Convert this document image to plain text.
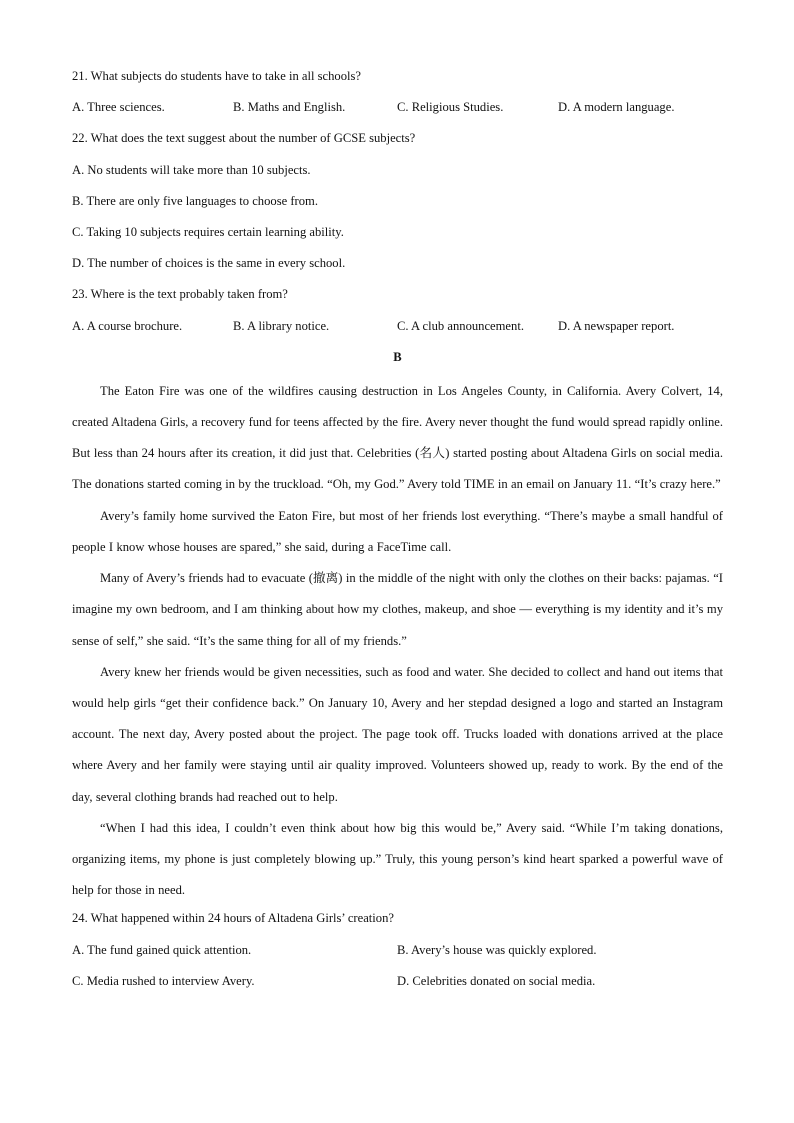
21. What subjects do students have to take in all schools?
A. Three sciences.	B. Maths and English.	C. Religious Studies.	D. A modern language.
22. What does the text suggest about the number of GCSE subjects?
A. No students will take more than 10 subjects.
B. There are only five languages to choose from.
C. Taking 10 subjects requires certain learning ability.
D. The number of choices is the same in every school.
23. Where is the text probably taken from?
A. A course brochure.	B. A library notice.	C. A club announcement.	D. A newspaper report.
B

The Eaton Fire was one of the wildfires causing destruction in Los Angeles County, in California. Avery Colvert, 14, created Altadena Girls, a recovery fund for teens affected by the fire. Avery never thought the fund would spread rapidly online. But less than 24 hours after its creation, it did just that. Celebrities (名人) started posting about Altadena Girls on social media. The donations started coming in by the truckload. “Oh, my God.” Avery told TIME in an email on January 11. “It’s crazy here.”

Avery’s family home survived the Eaton Fire, but most of her friends lost everything. “There’s maybe a small handful of people I know whose houses are spared,” she said, during a FaceTime call.

Many of Avery’s friends had to evacuate (撤离) in the middle of the night with only the clothes on their backs: pajamas. “I imagine my own bedroom, and I am thinking about how my clothes, makeup, and shoe — everything is my identity and it’s my sense of self,” she said. “It’s the same thing for all of my friends.”

Avery knew her friends would be given necessities, such as food and water. She decided to collect and hand out items that would help girls “get their confidence back.” On January 10, Avery and her stepdad designed a logo and started an Instagram account. The next day, Avery posted about the project. The page took off. Trucks loaded with donations arrived at the place where Avery and her family were staying until air quality improved. Volunteers showed up, ready to work. By the end of the day, several clothing brands had reached out to help.

“When I had this idea, I couldn’t even think about how big this would be,” Avery said. “While I’m taking donations, organizing items, my phone is just completely blowing up.” Truly, this young person’s kind heart sparked a powerful wave of help for those in need.

24. What happened within 24 hours of Altadena Girls’ creation?
A. The fund gained quick attention.	B. Avery’s house was quickly explored.
C. Media rushed to interview Avery.	D. Celebrities donated on social media.
